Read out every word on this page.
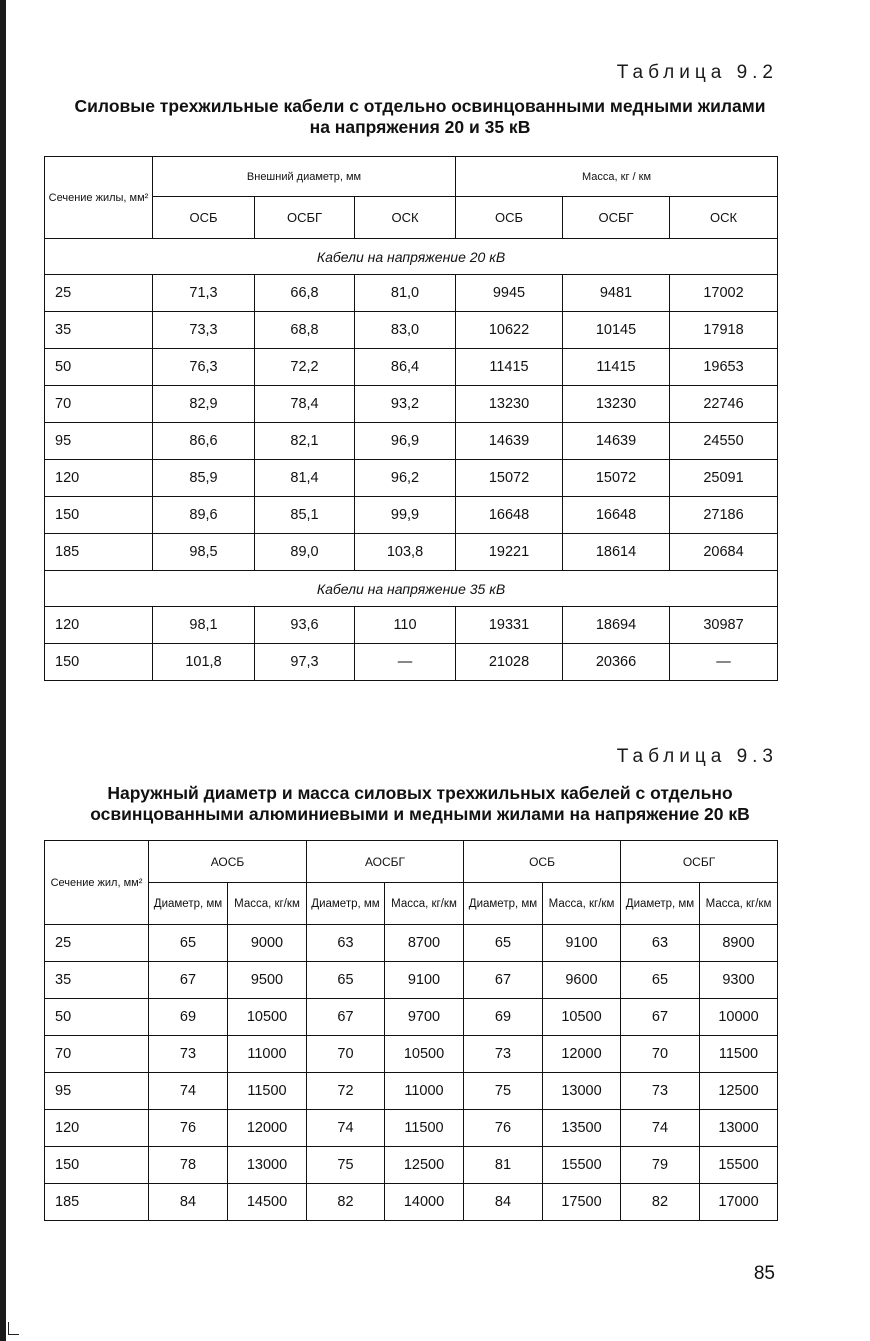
Таблица 9.2
Силовые трехжильные кабели с отдельно освинцованными медными жилами
на напряжения 20 и 35 кВ
Сечение жилы, мм²	Внешний диаметр, мм			Масса, кг / км		
	ОСБ	ОСБГ	ОСК	ОСБ	ОСБГ	ОСК
Кабели на напряжение 20 кВ						
25	71,3	66,8	81,0	9945	9481	17002
35	73,3	68,8	83,0	10622	10145	17918
50	76,3	72,2	86,4	11415	11415	19653
70	82,9	78,4	93,2	13230	13230	22746
95	86,6	82,1	96,9	14639	14639	24550
120	85,9	81,4	96,2	15072	15072	25091
150	89,6	85,1	99,9	16648	16648	27186
185	98,5	89,0	103,8	19221	18614	20684
Кабели на напряжение 35 кВ						
120	98,1	93,6	110	19331	18694	30987
150	101,8	97,3	—	21028	20366	—
Таблица 9.3
Наружный диаметр и масса силовых трехжильных кабелей с отдельно
освинцованными алюминиевыми и медными жилами на напряжение 20 кВ
Сечение жил, мм²	АОСБ		АОСБГ		ОСБ		ОСБГ	
	Диаметр, мм	Масса, кг/км	Диаметр, мм	Масса, кг/км	Диаметр, мм	Масса, кг/км	Диаметр, мм	Масса, кг/км
25	65	9000	63	8700	65	9100	63	8900
35	67	9500	65	9100	67	9600	65	9300
50	69	10500	67	9700	69	10500	67	10000
70	73	11000	70	10500	73	12000	70	11500
95	74	11500	72	11000	75	13000	73	12500
120	76	12000	74	11500	76	13500	74	13000
150	78	13000	75	12500	81	15500	79	15500
185	84	14500	82	14000	84	17500	82	17000
85
